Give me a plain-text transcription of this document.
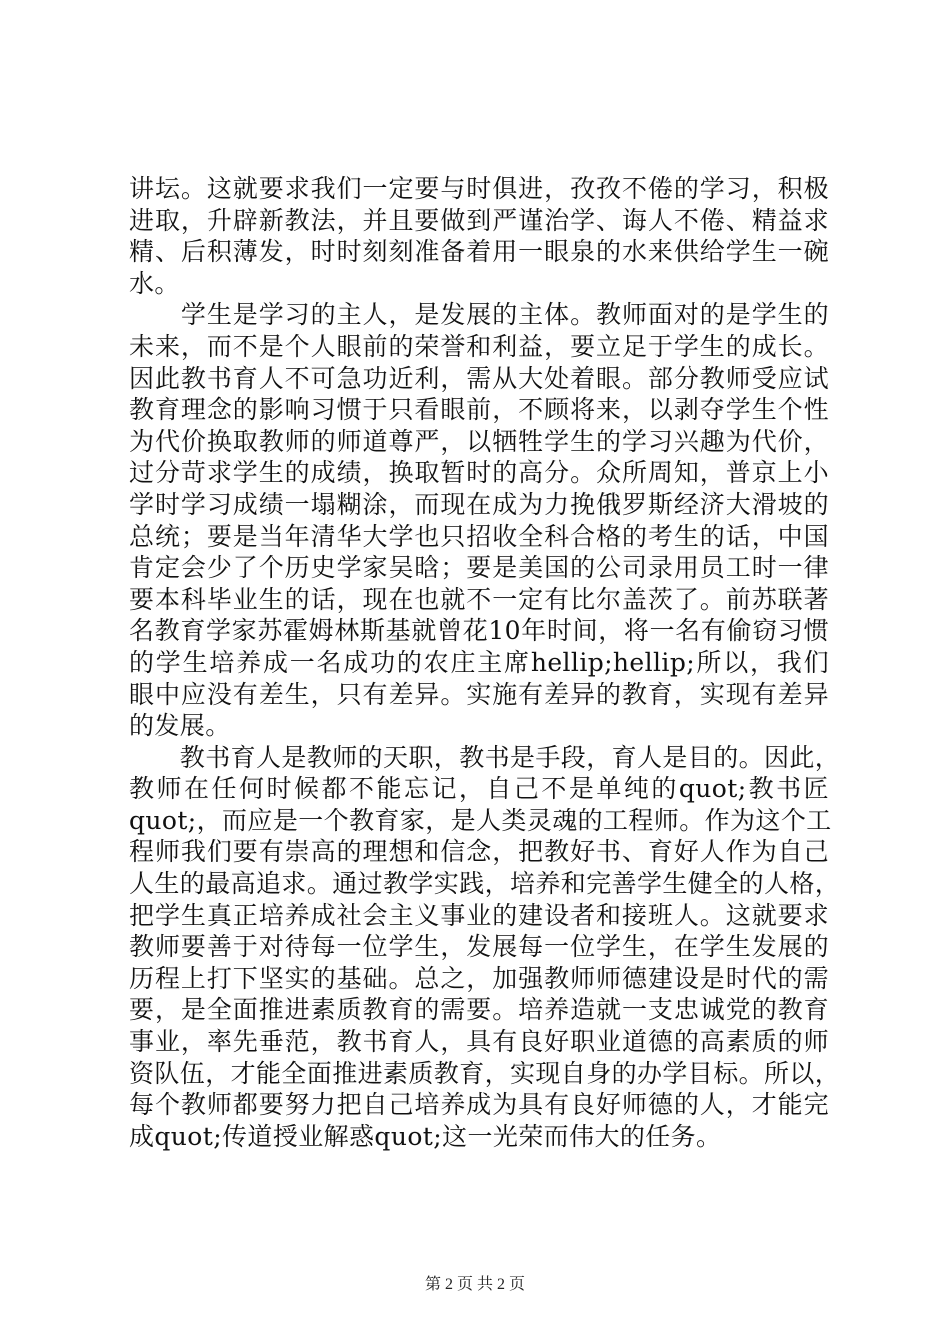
讲坛。这就要求我们一定要与时俱进，孜孜不倦的学习，积极
进取，升辟新教法，并且要做到严谨治学、诲人不倦、精益求
精、后积薄发，时时刻刻准备着用一眼泉的水来供给学生一碗
水。
　　学生是学习的主人，是发展的主体。教师面对的是学生的
未来，而不是个人眼前的荣誉和利益，要立足于学生的成长。
因此教书育人不可急功近利，需从大处着眼。部分教师受应试
教育理念的影响习惯于只看眼前，不顾将来，以剥夺学生个性
为代价换取教师的师道尊严，以牺牲学生的学习兴趣为代价，
过分苛求学生的成绩，换取暂时的高分。众所周知，普京上小
学时学习成绩一塌糊涂，而现在成为力挽俄罗斯经济大滑坡的
总统；要是当年清华大学也只招收全科合格的考生的话，中国
肯定会少了个历史学家吴晗；要是美国的公司录用员工时一律
要本科毕业生的话，现在也就不一定有比尔盖茨了。前苏联著
名教育学家苏霍姆林斯基就曾花10年时间，将一名有偷窃习惯
的学生培养成一名成功的农庄主席hellip;hellip;所以，我们
眼中应没有差生，只有差异。实施有差异的教育，实现有差异
的发展。
　　教书育人是教师的天职，教书是手段，育人是目的。因此，
教师在任何时候都不能忘记，自己不是单纯的quot;教书匠
quot;，而应是一个教育家，是人类灵魂的工程师。作为这个工
程师我们要有崇高的理想和信念，把教好书、育好人作为自己
人生的最高追求。通过教学实践，培养和完善学生健全的人格，
把学生真正培养成社会主义事业的建设者和接班人。这就要求
教师要善于对待每一位学生，发展每一位学生，在学生发展的
历程上打下坚实的基础。总之，加强教师师德建设是时代的需
要，是全面推进素质教育的需要。培养造就一支忠诚党的教育
事业，率先垂范，教书育人，具有良好职业道德的高素质的师
资队伍，才能全面推进素质教育，实现自身的办学目标。所以，
每个教师都要努力把自己培养成为具有良好师德的人，才能完
成quot;传道授业解惑quot;这一光荣而伟大的任务。
第 2 页 共 2 页
